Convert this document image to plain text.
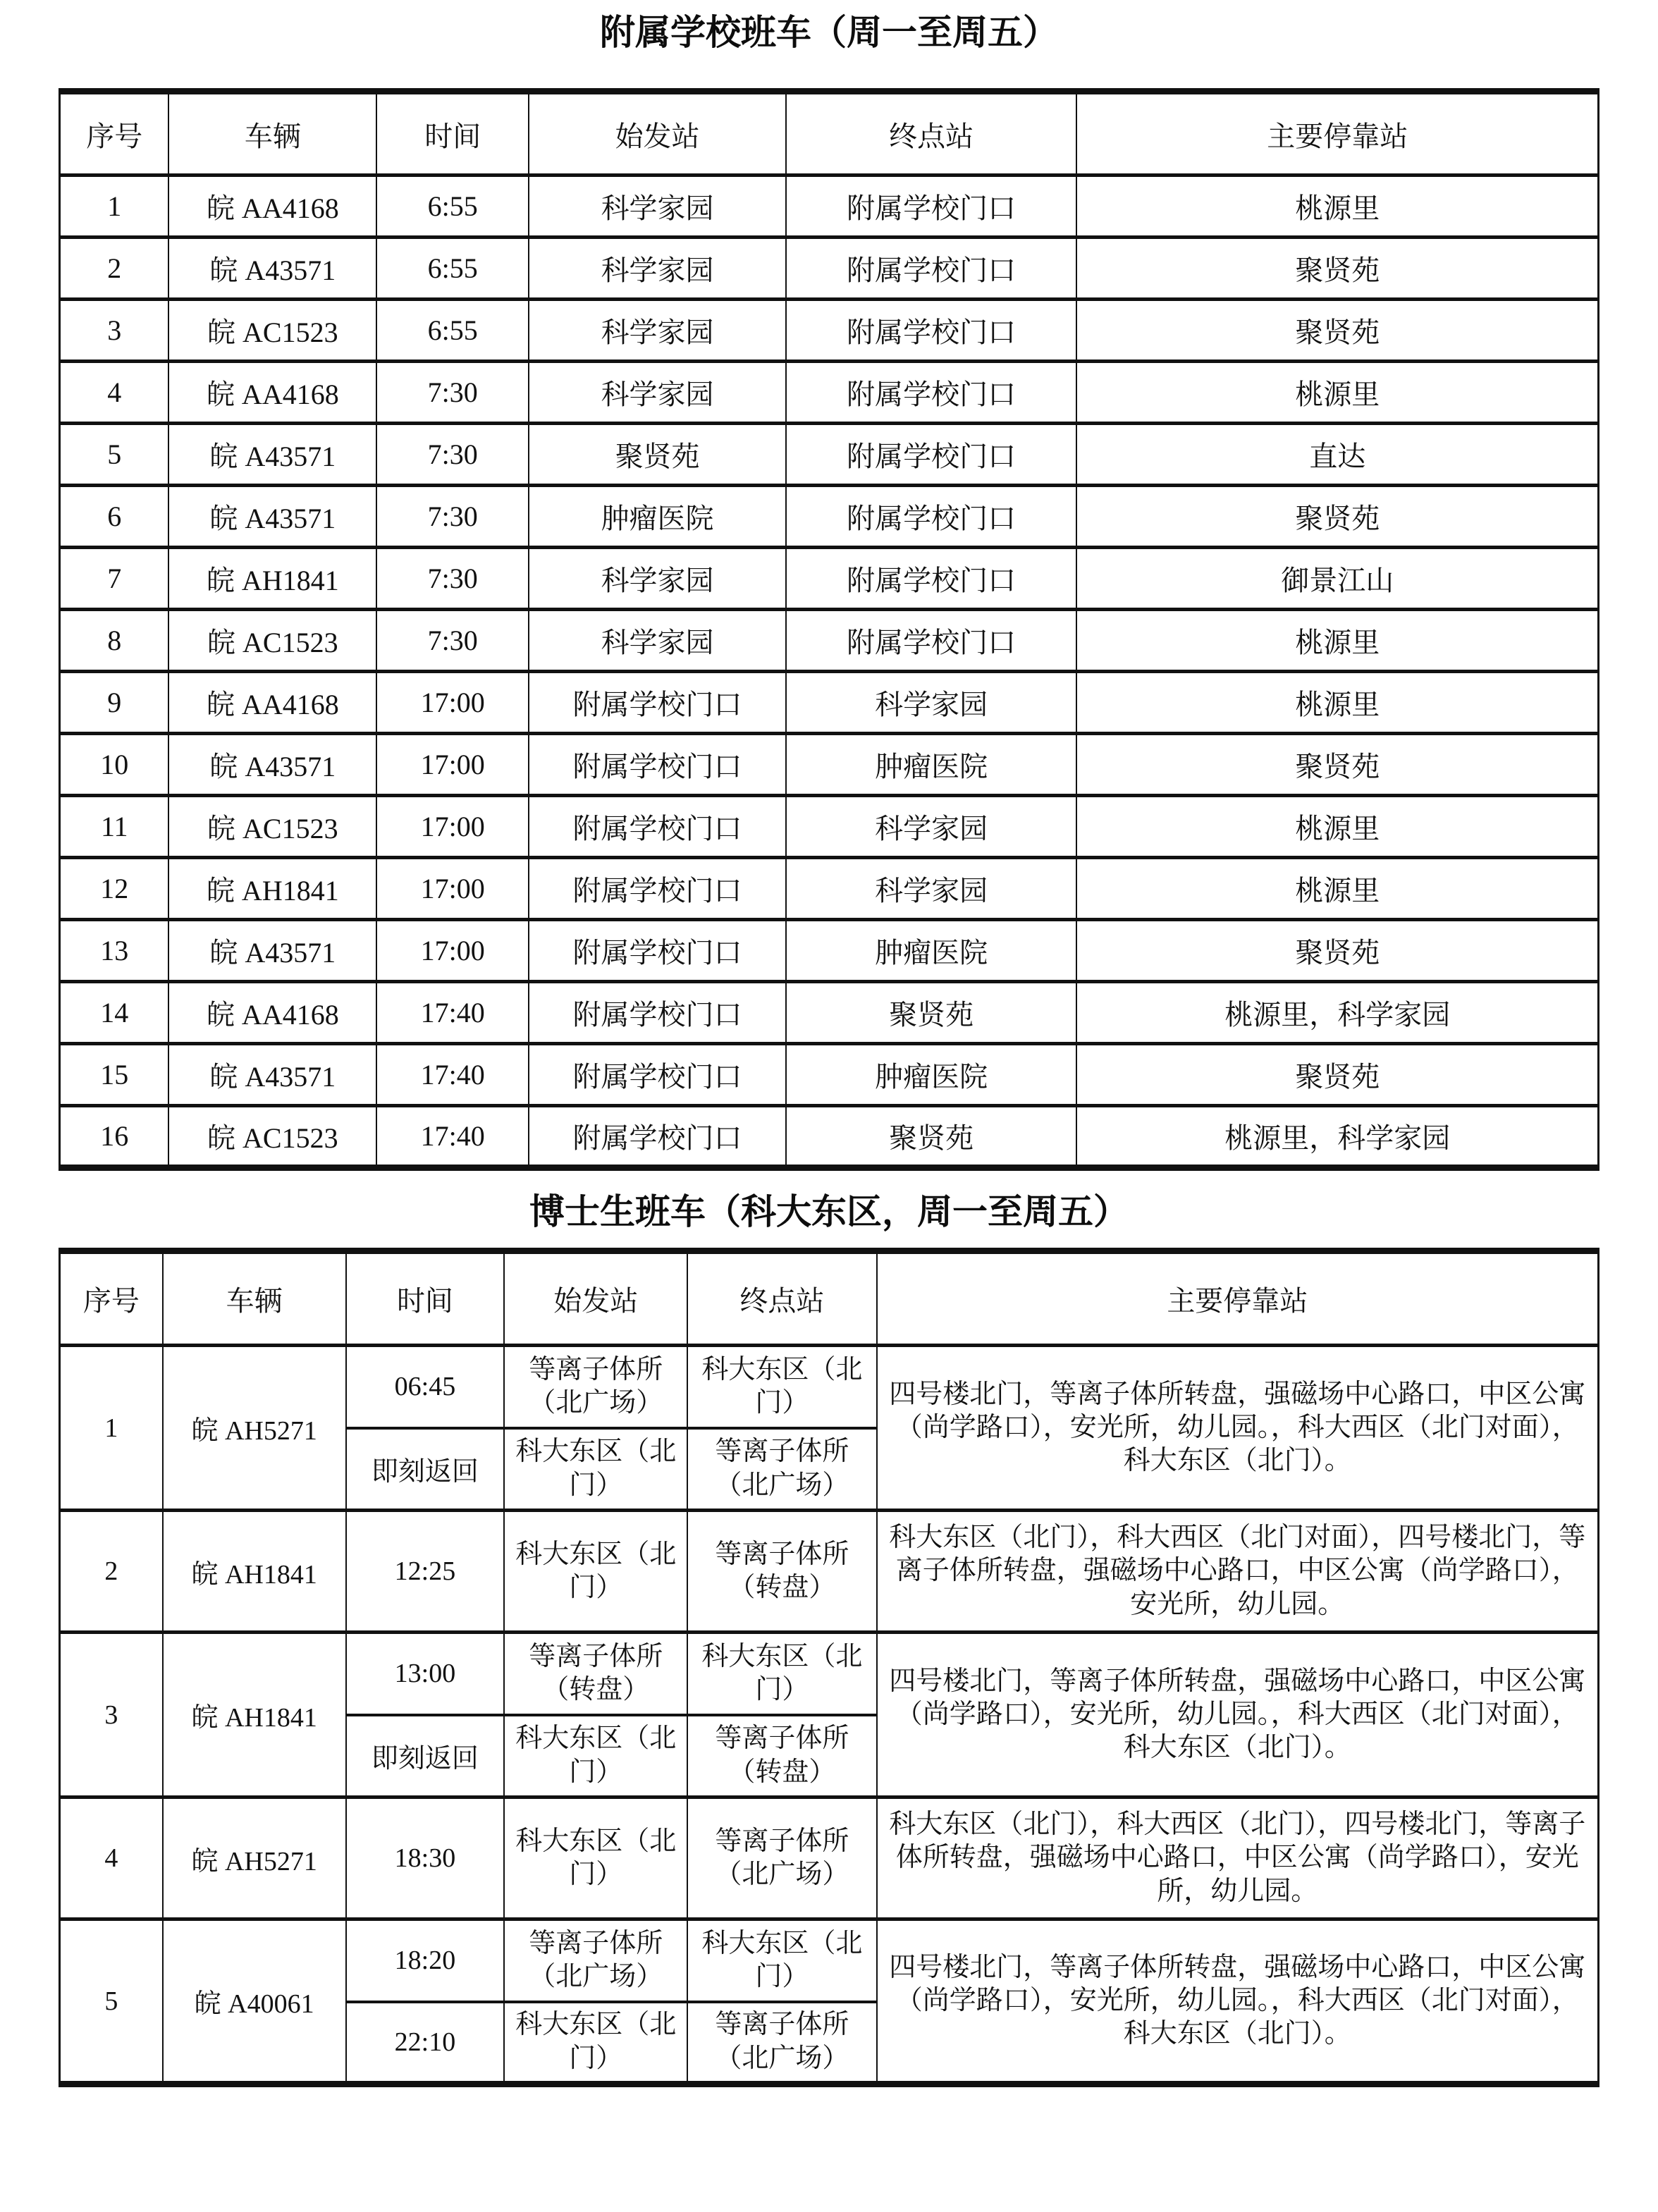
附属学校班车（周一至周五）
序号	车辆	时间	始发站	终点站	主要停靠站
1	皖 AA4168	6:55	科学家园	附属学校门口	桃源里
2	皖 A43571	6:55	科学家园	附属学校门口	聚贤苑
3	皖 AC1523	6:55	科学家园	附属学校门口	聚贤苑
4	皖 AA4168	7:30	科学家园	附属学校门口	桃源里
5	皖 A43571	7:30	聚贤苑	附属学校门口	直达
6	皖 A43571	7:30	肿瘤医院	附属学校门口	聚贤苑
7	皖 AH1841	7:30	科学家园	附属学校门口	御景江山
8	皖 AC1523	7:30	科学家园	附属学校门口	桃源里
9	皖 AA4168	17:00	附属学校门口	科学家园	桃源里
10	皖 A43571	17:00	附属学校门口	肿瘤医院	聚贤苑
11	皖 AC1523	17:00	附属学校门口	科学家园	桃源里
12	皖 AH1841	17:00	附属学校门口	科学家园	桃源里
13	皖 A43571	17:00	附属学校门口	肿瘤医院	聚贤苑
14	皖 AA4168	17:40	附属学校门口	聚贤苑	桃源里，科学家园
15	皖 A43571	17:40	附属学校门口	肿瘤医院	聚贤苑
16	皖 AC1523	17:40	附属学校门口	聚贤苑	桃源里，科学家园
博士生班车（科大东区，周一至周五）
序号	车辆	时间	始发站	终点站	主要停靠站
1	皖 AH5271	06:45	等离子体所（北广场）	科大东区（北门）	四号楼北门，等离子体所转盘，强磁场中心路口，中区公寓（尚学路口），安光所，幼儿园。，科大西区（北门对面），科大东区（北门）。
		即刻返回	科大东区（北门）	等离子体所（北广场）	
2	皖 AH1841	12:25	科大东区（北门）	等离子体所（转盘）	科大东区（北门），科大西区（北门对面），四号楼北门，等离子体所转盘，强磁场中心路口，中区公寓（尚学路口），安光所，幼儿园。
3	皖 AH1841	13:00	等离子体所（转盘）	科大东区（北门）	四号楼北门，等离子体所转盘，强磁场中心路口，中区公寓（尚学路口），安光所，幼儿园。，科大西区（北门对面），科大东区（北门）。
		即刻返回	科大东区（北门）	等离子体所（转盘）	
4	皖 AH5271	18:30	科大东区（北门）	等离子体所（北广场）	科大东区（北门），科大西区（北门），四号楼北门，等离子体所转盘，强磁场中心路口，中区公寓（尚学路口），安光所，幼儿园。
5	皖 A40061	18:20	等离子体所（北广场）	科大东区（北门）	四号楼北门，等离子体所转盘，强磁场中心路口，中区公寓（尚学路口），安光所，幼儿园。，科大西区（北门对面），科大东区（北门）。
		22:10	科大东区（北门）	等离子体所（北广场）	
